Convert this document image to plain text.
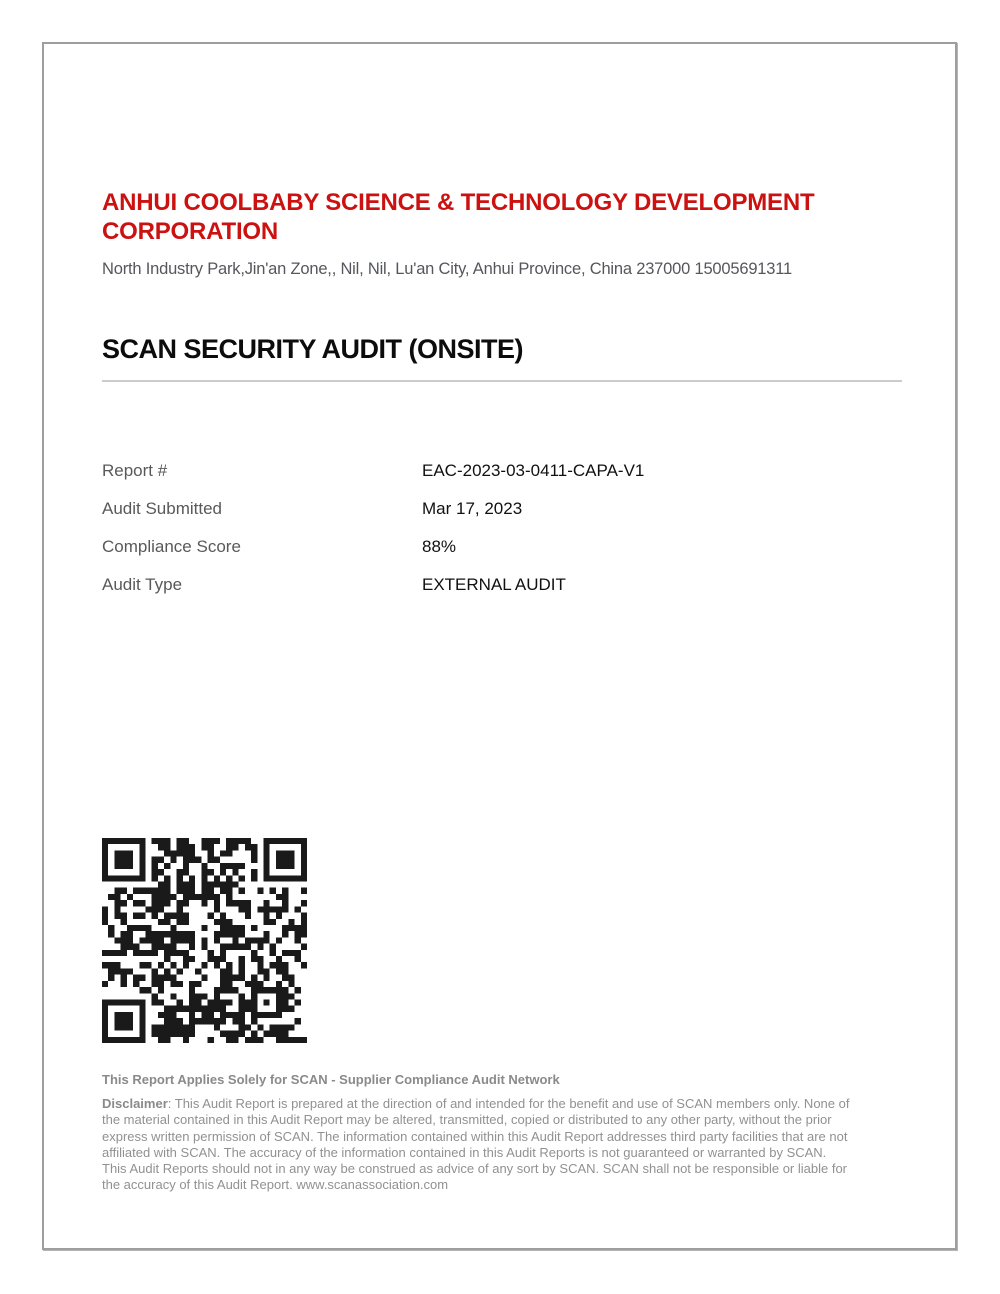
ANHUI COOLBABY SCIENCE & TECHNOLOGY DEVELOPMENT CORPORATION
North Industry Park,Jin'an Zone,, Nil, Nil, Lu'an City, Anhui Province, China 237000 15005691311
SCAN SECURITY AUDIT (ONSITE)
Report #	EAC-2023-03-0411-CAPA-V1
Audit Submitted	Mar 17, 2023
Compliance Score	88%
Audit Type	EXTERNAL AUDIT
This Report Applies Solely for SCAN - Supplier Compliance Audit Network
Disclaimer: This Audit Report is prepared at the direction of and intended for the benefit and use of SCAN members only. None of the material contained in this Audit Report may be altered, transmitted, copied or distributed to any other party, without the prior express written permission of SCAN. The information contained within this Audit Report addresses third party facilities that are not affiliated with SCAN. The accuracy of the information contained in this Audit Reports is not guaranteed or warranted by SCAN. This Audit Reports should not in any way be construed as advice of any sort by SCAN. SCAN shall not be responsible or liable for the accuracy of this Audit Report. www.scanassociation.com
